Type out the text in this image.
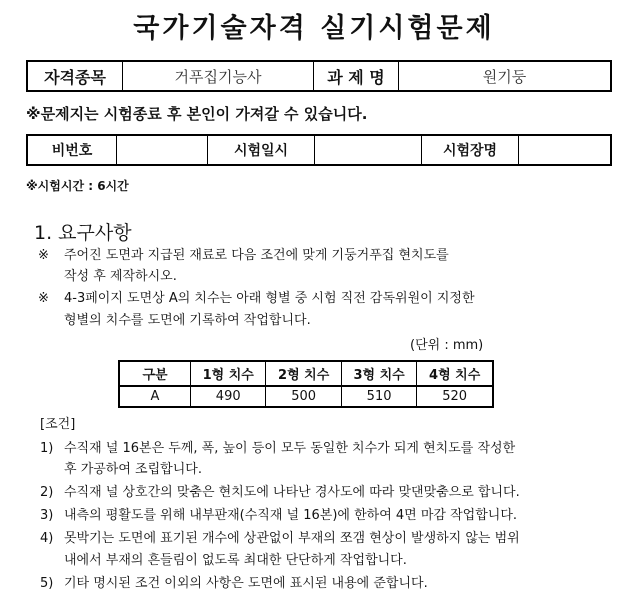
국가기술자격 실기시험문제
자격종목	거푸집기능사	과 제 명	원기둥
※문제지는 시험종료 후 본인이 가져갈 수 있습니다.
비번호		시험일시		시험장명	
※시험시간 : 6시간
1. 요구사항
※ 주어진 도면과 지급된 재료로 다음 조건에 맞게 기둥거푸집 현치도를
작성 후 제작하시오.
※ 4-3페이지 도면상 A의 치수는 아래 형별 중 시험 직전 감독위원이 지정한
형별의 치수를 도면에 기록하여 작업합니다.
(단위 : mm)
구분	1형 치수	2형 치수	3형 치수	4형 치수
A	490	500	510	520
[조건]
1) 수직재 널 16본은 두께, 폭, 높이 등이 모두 동일한 치수가 되게 현치도를 작성한
후 가공하여 조립합니다.
2) 수직재 널 상호간의 맞춤은 현치도에 나타난 경사도에 따라 맞댄맞춤으로 합니다.
3) 내측의 평활도를 위해 내부판재(수직재 널 16본)에 한하여 4면 마감 작업합니다.
4) 못박기는 도면에 표기된 개수에 상관없이 부재의 쪼갬 현상이 발생하지 않는 범위
내에서 부재의 흔들림이 없도록 최대한 단단하게 작업합니다.
5) 기타 명시된 조건 이외의 사항은 도면에 표시된 내용에 준합니다.
